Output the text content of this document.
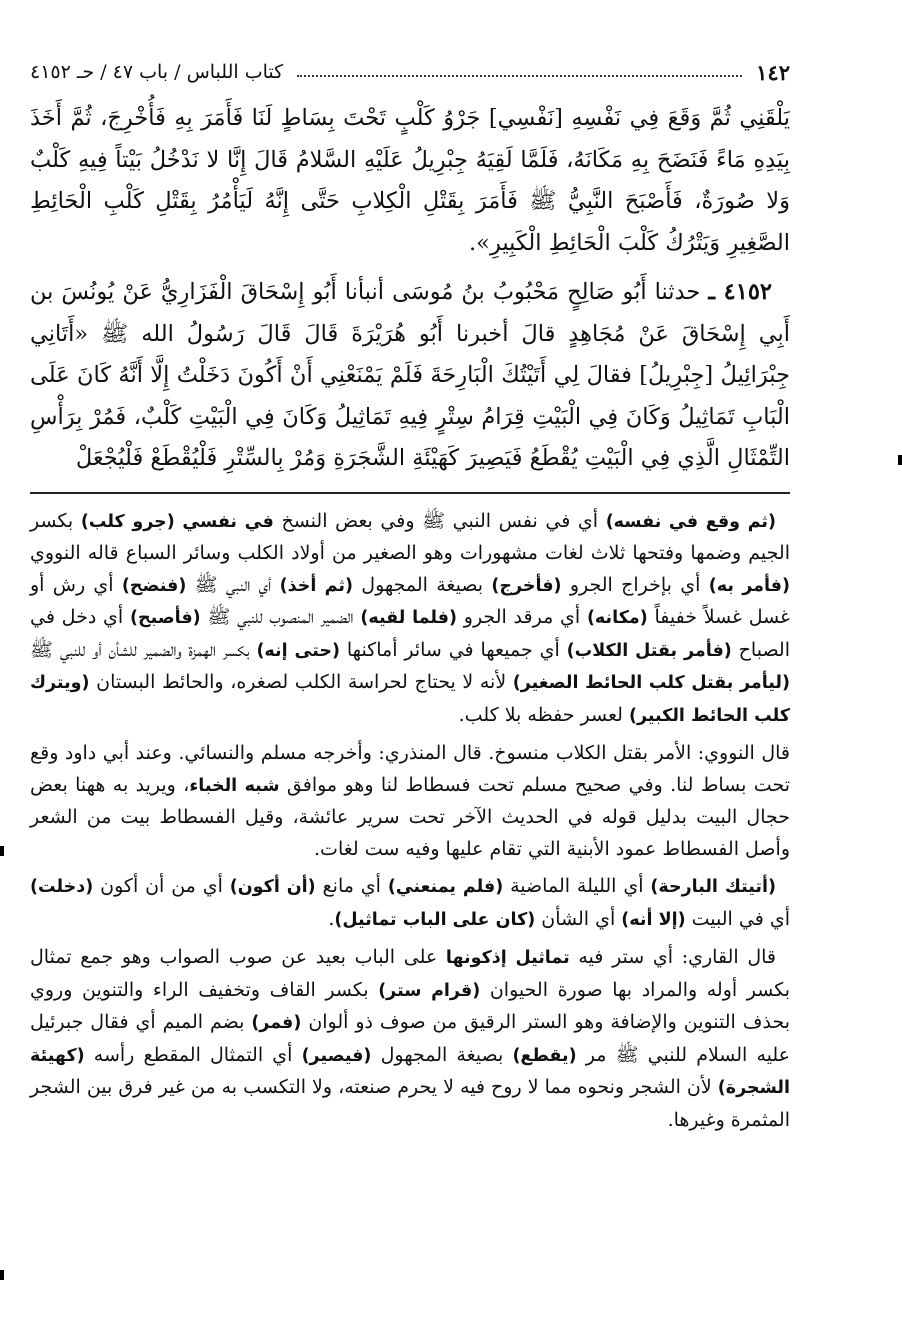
١٤٢
كتاب اللباس / باب ٤٧ / حـ ٤١٥٢

يَلْقَنِي ثُمَّ وَقَعَ فِي نَفْسِهِ [نَفْسِي] جَرْوُ كَلْبٍ تَحْتَ بِسَاطٍ لَنَا فَأَمَرَ بِهِ فَأُخْرِجَ، ثُمَّ أَخَذَ بِيَدِهِ مَاءً فَنَضَحَ بِهِ مَكَانَهُ، فَلَمَّا لَقِيَهُ جِبْرِيلُ عَلَيْهِ السَّلامُ قَالَ إِنَّا لا نَدْخُلُ بَيْتاً فِيهِ كَلْبٌ وَلا صُورَةٌ، فَأَصْبَحَ النَّبِيُّ ﷺ فَأَمَرَ بِقَتْلِ الْكِلابِ حَتَّى إِنَّهُ لَيَأْمُرُ بِقَتْلِ كَلْبِ الْحَائِطِ الصَّغِيرِ وَيَتْرُكُ كَلْبَ الْحَائِطِ الْكَبِيرِ».

٤١٥٢ ـ حدثنا أَبُو صَالِحٍ مَحْبُوبُ بنُ مُوسَى أنبأنا أَبُو إِسْحَاقَ الْفَزَارِيُّ عَنْ يُونُسَ بن أَبِي إِسْحَاقَ عَنْ مُجَاهِدٍ قالَ أخبرنا أَبُو هُرَيْرَةَ قَالَ قَالَ رَسُولُ الله ﷺ «أَتَانِي جِبْرَائِيلُ [جِبْرِيلُ] فقالَ لِي أَتَيْتُكَ الْبَارِحَةَ فَلَمْ يَمْنَعْنِي أَنْ أَكُونَ دَخَلْتُ إِلَّا أَنَّهُ كَانَ عَلَى الْبَابِ تَمَاثِيلُ وَكَانَ فِي الْبَيْتِ قِرَامُ سِتْرٍ فِيهِ تَمَاثِيلُ وَكَانَ فِي الْبَيْتِ كَلْبٌ، فَمُرْ بِرَأْسِ التِّمْثَالِ الَّذِي فِي الْبَيْتِ يُقْطَعُ فَيَصِيرَ كَهَيْئَةِ الشَّجَرَةِ وَمُرْ بِالسِّتْرِ فَلْيُقْطَعْ فَلْيُجْعَلْ

(ثم وقع في نفسه) أي في نفس النبي ﷺ وفي بعض النسخ في نفسي (جرو كلب) بكسر الجيم وضمها وفتحها ثلاث لغات مشهورات وهو الصغير من أولاد الكلب وسائر السباع قاله النووي (فأمر به) أي بإخراج الجرو (فأخرج) بصيغة المجهول (ثم أخذ) أي النبي ﷺ (فنضح) أي رش أو غسل غسلاً خفيفاً (مكانه) أي مرقد الجرو (فلما لقيه) الضمير المنصوب للنبي ﷺ (فأصبح) أي دخل في الصباح (فأمر بقتل الكلاب) أي جميعها في سائر أماكنها (حتى إنه) بكسر الهمزة والضمير للشأن أو للنبي ﷺ (ليأمر بقتل كلب الحائط الصغير) لأنه لا يحتاج لحراسة الكلب لصغره، والحائط البستان (ويترك كلب الحائط الكبير) لعسر حفظه بلا كلب.

قال النووي: الأمر بقتل الكلاب منسوخ. قال المنذري: وأخرجه مسلم والنسائي. وعند أبي داود وقع تحت بساط لنا. وفي صحيح مسلم تحت فسطاط لنا وهو موافق شبه الخباء، ويريد به ههنا بعض حجال البيت بدليل قوله في الحديث الآخر تحت سرير عائشة، وقيل الفسطاط بيت من الشعر وأصل الفسطاط عمود الأبنية التي تقام عليها وفيه ست لغات.

(أتيتك البارحة) أي الليلة الماضية (فلم يمنعني) أي مانع (أن أكون) أي من أن أكون (دخلت) أي في البيت (إلا أنه) أي الشأن (كان على الباب تماثيل).

قال القاري: أي ستر فيه تماثيل إذكونها على الباب بعيد عن صوب الصواب وهو جمع تمثال بكسر أوله والمراد بها صورة الحيوان (قرام ستر) بكسر القاف وتخفيف الراء والتنوين وروي بحذف التنوين والإضافة وهو الستر الرقيق من صوف ذو ألوان (فمر) بضم الميم أي فقال جبرئيل عليه السلام للنبي ﷺ مر (يقطع) بصيغة المجهول (فيصير) أي التمثال المقطع رأسه (كهيئة الشجرة) لأن الشجر ونحوه مما لا روح فيه لا يحرم صنعته، ولا التكسب به من غير فرق بين الشجر المثمرة وغيرها.
